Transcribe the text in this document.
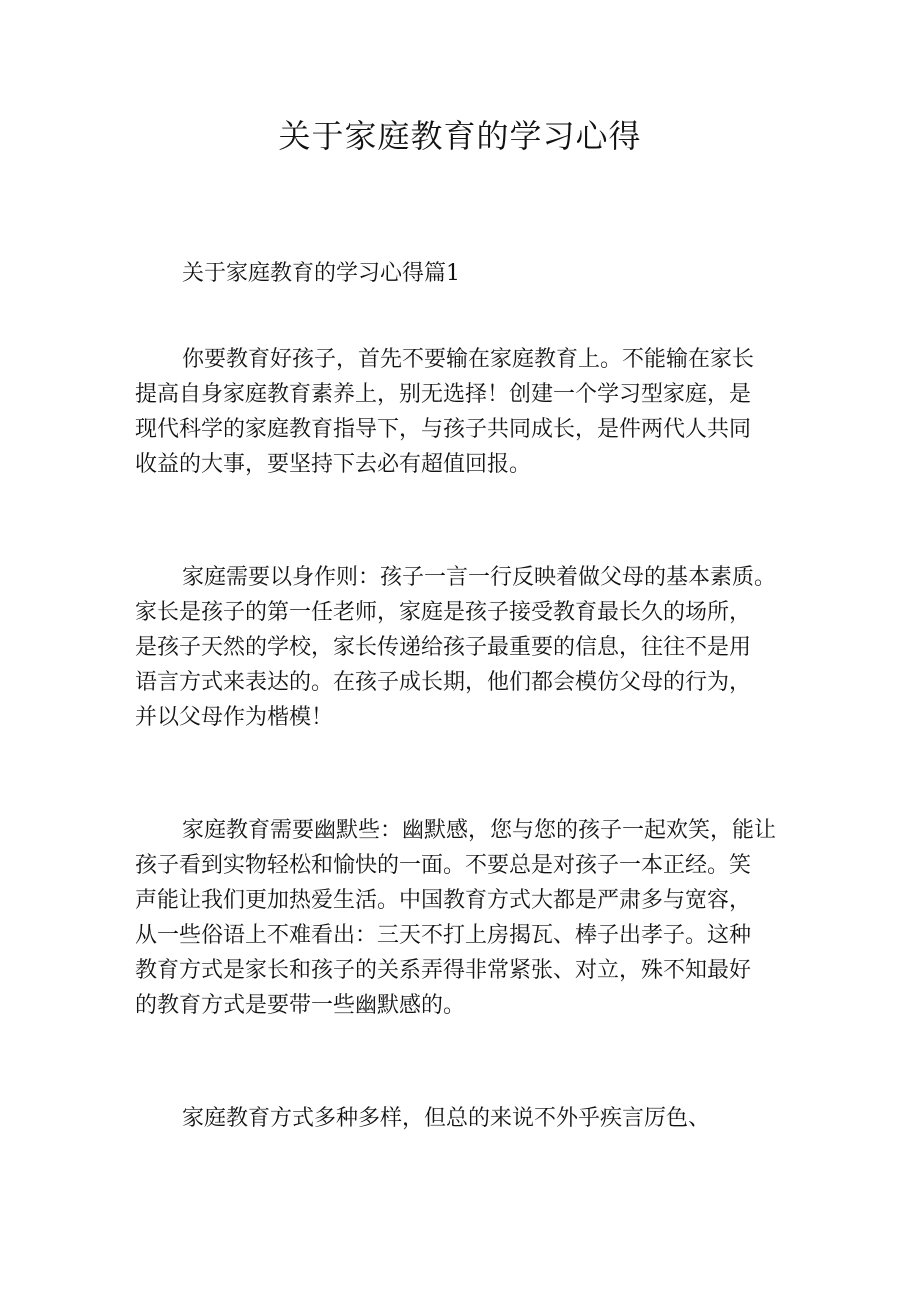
关于家庭教育的学习心得
关于家庭教育的学习心得篇1
你要教育好孩子，首先不要输在家庭教育上。不能输在家长
提高自身家庭教育素养上，别无选择！创建一个学习型家庭，是
现代科学的家庭教育指导下，与孩子共同成长，是件两代人共同
收益的大事，要坚持下去必有超值回报。
家庭需要以身作则：孩子一言一行反映着做父母的基本素质。
家长是孩子的第一任老师，家庭是孩子接受教育最长久的场所，
是孩子天然的学校，家长传递给孩子最重要的信息，往往不是用
语言方式来表达的。在孩子成长期，他们都会模仿父母的行为，
并以父母作为楷模！
家庭教育需要幽默些：幽默感，您与您的孩子一起欢笑，能让
孩子看到实物轻松和愉快的一面。不要总是对孩子一本正经。笑
声能让我们更加热爱生活。中国教育方式大都是严肃多与宽容，
从一些俗语上不难看出：三天不打上房揭瓦、棒子出孝子。这种
教育方式是家长和孩子的关系弄得非常紧张、对立，殊不知最好
的教育方式是要带一些幽默感的。
家庭教育方式多种多样，但总的来说不外乎疾言厉色、
